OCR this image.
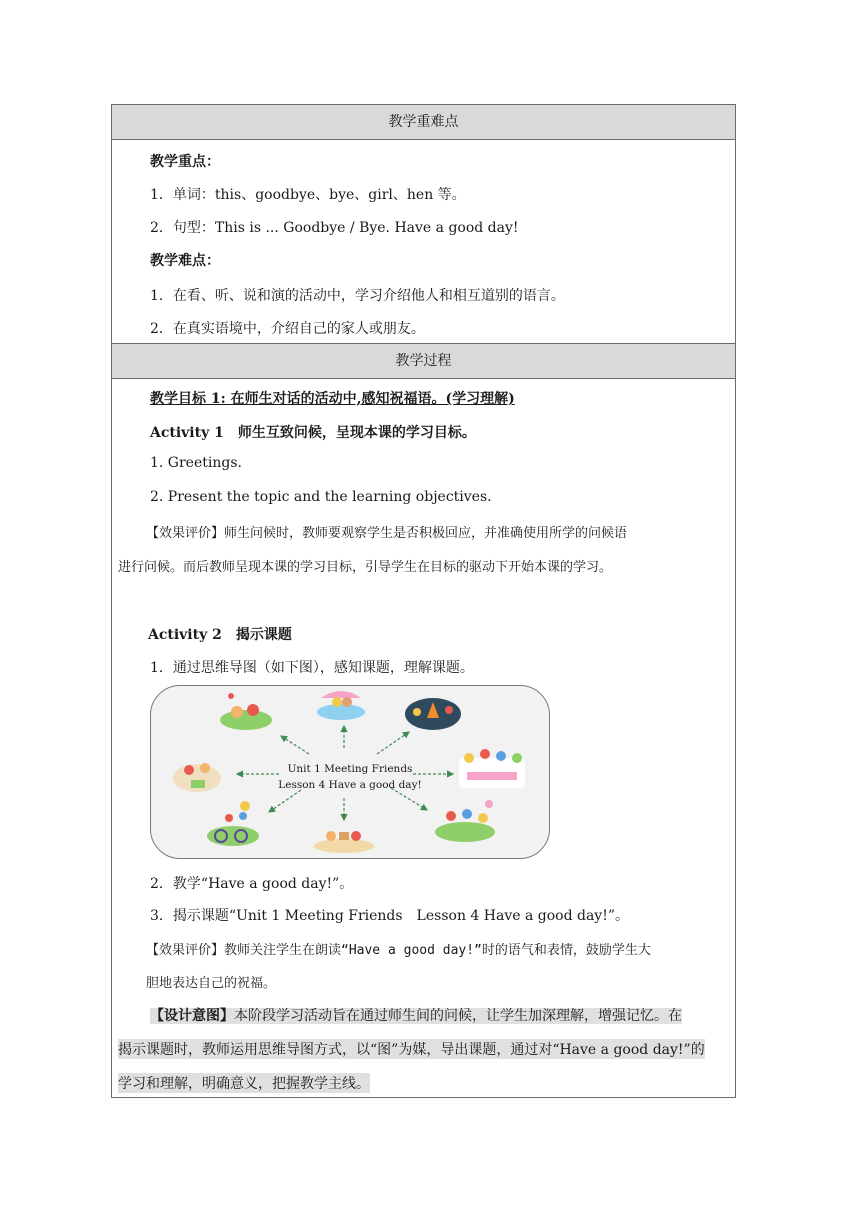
教学重难点
教学重点：
1．单词：this、goodbye、bye、girl、hen 等。
2．句型：This is ... Goodbye / Bye. Have a good day!
教学难点：
1．在看、听、说和演的活动中，学习介绍他人和相互道别的语言。
2．在真实语境中，介绍自己的家人或朋友。
教学过程
教学目标 1: 在师生对话的活动中,感知祝福语。(学习理解)
Activity 1　师生互致问候，呈现本课的学习目标。
1. Greetings.
2. Present the topic and the learning objectives.
【效果评价】师生问候时，教师要观察学生是否积极回应，并准确使用所学的问候语
进行问候。而后教师呈现本课的学习目标，引导学生在目标的驱动下开始本课的学习。
Activity 2　揭示课题
1．通过思维导图（如下图），感知课题，理解课题。
Unit 1 Meeting Friends
Lesson 4 Have a good day!
2．教学“Have a good day!”。
3．揭示课题“Unit 1 Meeting Friends　Lesson 4 Have a good day!”。
【效果评价】教师关注学生在朗读“Have a good day!”时的语气和表情，鼓励学生大
胆地表达自己的祝福。
【设计意图】本阶段学习活动旨在通过师生间的问候，让学生加深理解，增强记忆。在
揭示课题时，教师运用思维导图方式，以“图”为媒，导出课题，通过对“Have a good day!”的
学习和理解，明确意义，把握教学主线。
